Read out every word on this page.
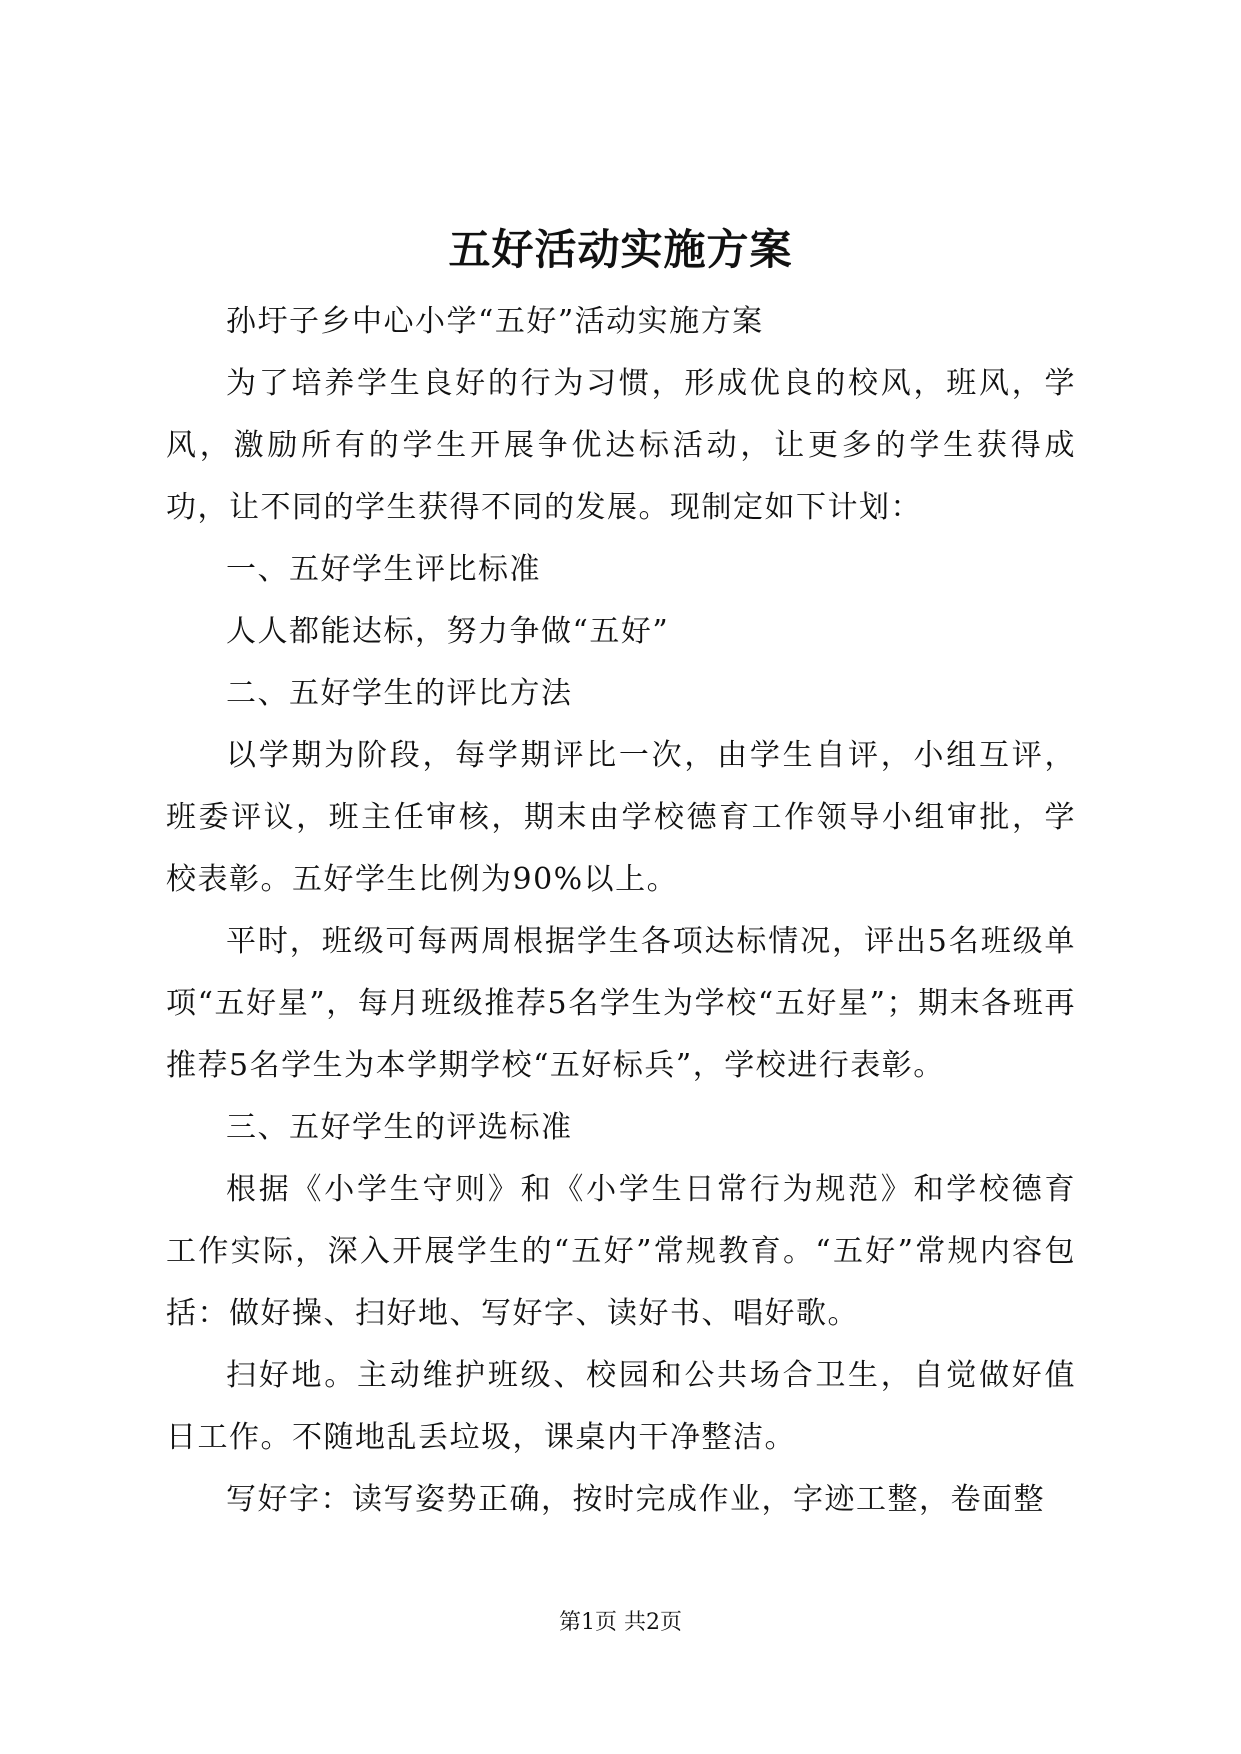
五好活动实施方案

孙圩子乡中心小学“五好”活动实施方案

为了培养学生良好的行为习惯，形成优良的校风，班风，学风，激励所有的学生开展争优达标活动，让更多的学生获得成功，让不同的学生获得不同的发展。现制定如下计划：

一、五好学生评比标准

人人都能达标，努力争做“五好”

二、五好学生的评比方法

以学期为阶段，每学期评比一次，由学生自评，小组互评，班委评议，班主任审核，期末由学校德育工作领导小组审批，学校表彰。五好学生比例为90%以上。

平时，班级可每两周根据学生各项达标情况，评出5名班级单项“五好星”，每月班级推荐5名学生为学校“五好星”；期末各班再推荐5名学生为本学期学校“五好标兵”，学校进行表彰。

三、五好学生的评选标准

根据《小学生守则》和《小学生日常行为规范》和学校德育工作实际，深入开展学生的“五好”常规教育。“五好”常规内容包括：做好操、扫好地、写好字、读好书、唱好歌。

扫好地。主动维护班级、校园和公共场合卫生，自觉做好值日工作。不随地乱丢垃圾，课桌内干净整洁。

写好字：读写姿势正确，按时完成作业，字迹工整，卷面整

第1页 共2页
